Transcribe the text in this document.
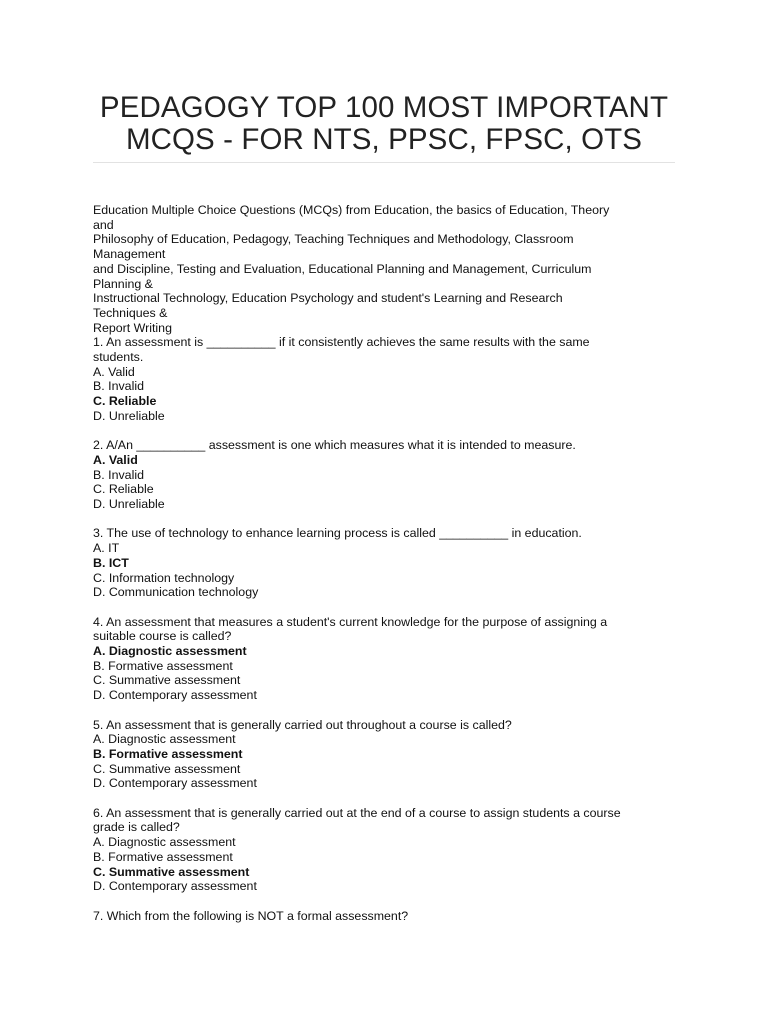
PEDAGOGY TOP 100 MOST IMPORTANT
MCQS - FOR NTS, PPSC, FPSC, OTS
Education Multiple Choice Questions (MCQs) from Education, the basics of Education, Theory
and
Philosophy of Education, Pedagogy, Teaching Techniques and Methodology, Classroom
Management
and Discipline, Testing and Evaluation, Educational Planning and Management, Curriculum
Planning &
Instructional Technology, Education Psychology and student's Learning and Research
Techniques &
Report Writing
1. An assessment is __________ if it consistently achieves the same results with the same
students.
A. Valid
B. Invalid
C. Reliable
D. Unreliable
2. A/An __________ assessment is one which measures what it is intended to measure.
A. Valid
B. Invalid
C. Reliable
D. Unreliable
3. The use of technology to enhance learning process is called __________ in education.
A. IT
B. ICT
C. Information technology
D. Communication technology
4. An assessment that measures a student's current knowledge for the purpose of assigning a
suitable course is called?
A. Diagnostic assessment
B. Formative assessment
C. Summative assessment
D. Contemporary assessment
5. An assessment that is generally carried out throughout a course is called?
A. Diagnostic assessment
B. Formative assessment
C. Summative assessment
D. Contemporary assessment
6. An assessment that is generally carried out at the end of a course to assign students a course
grade is called?
A. Diagnostic assessment
B. Formative assessment
C. Summative assessment
D. Contemporary assessment
7. Which from the following is NOT a formal assessment?
